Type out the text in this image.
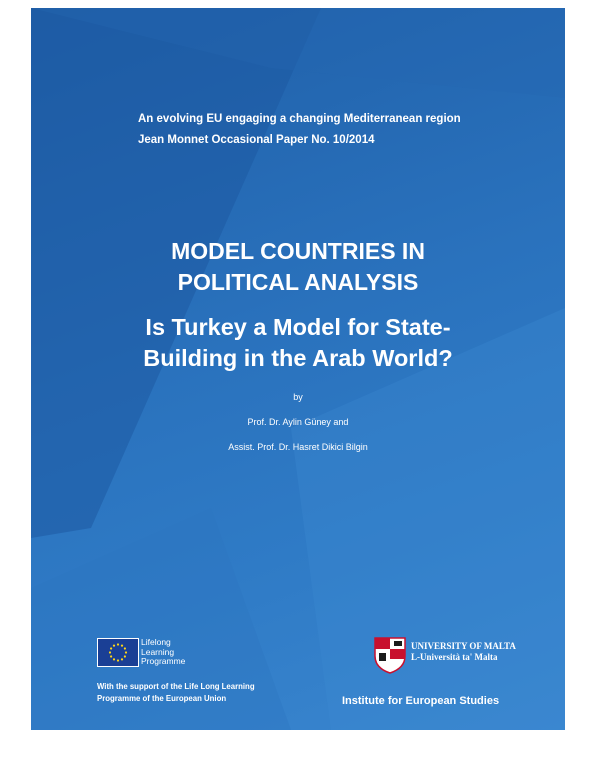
An evolving EU engaging a changing Mediterranean region
Jean Monnet Occasional Paper No. 10/2014
MODEL COUNTRIES IN
POLITICAL ANALYSIS
Is Turkey a Model for State-
Building in the Arab World?
by
Prof. Dr. Aylin Güney and
Assist. Prof. Dr. Hasret Dikici Bilgin
Lifelong
Learning
Programme
With the support of the Life Long Learning
Programme of the European Union
UNIVERSITY OF MALTA
L-Università ta' Malta
Institute for European Studies
